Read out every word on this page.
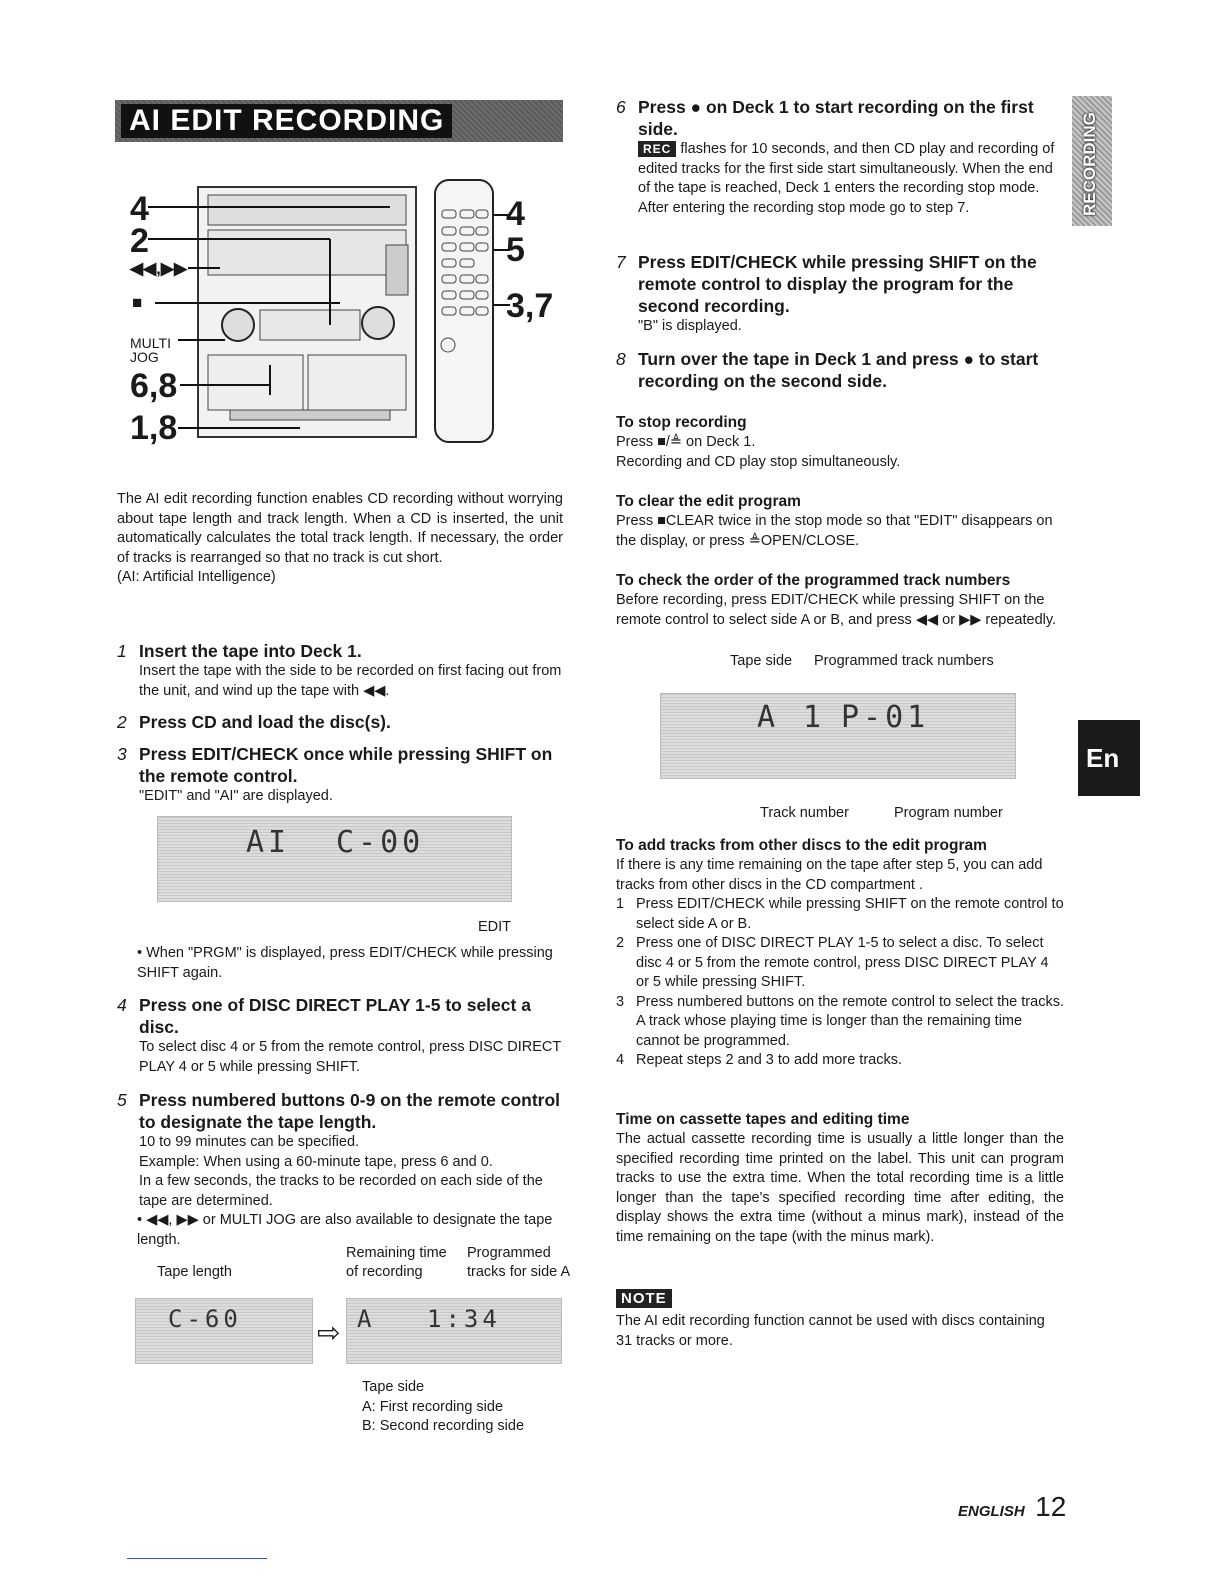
AI EDIT RECORDING	RECORDING
En
4
2
◀◀,▶▶
■
MULTI
JOG
6,8
1,8
4
5
3,7
The AI edit recording function enables CD recording without worrying about tape length and track length. When a CD is inserted, the unit automatically calculates the total track length. If necessary, the order of tracks is rearranged so that no track is cut short.
(AI: Artificial Intelligence)
1 Insert the tape into Deck 1.
Insert the tape with the side to be recorded on first facing out from the unit, and wind up the tape with ◀◀.
2 Press CD and load the disc(s).
3 Press EDIT/CHECK once while pressing SHIFT on the remote control.
"EDIT" and "AI" are displayed.
AI C-00
EDIT
• When "PRGM" is displayed, press EDIT/CHECK while pressing SHIFT again.
4 Press one of DISC DIRECT PLAY 1-5 to select a disc.
To select disc 4 or 5 from the remote control, press DISC DIRECT PLAY 4 or 5 while pressing SHIFT.
5 Press numbered buttons 0-9 on the remote control to designate the tape length.
10 to 99 minutes can be specified.
Example: When using a 60-minute tape, press 6 and 0.
In a few seconds, the tracks to be recorded on each side of the tape are determined.
• ◀◀, ▶▶ or MULTI JOG are also available to designate the tape length.
Tape length
Remaining time
of recording
Programmed
tracks for side A
C-60	⇨ A 1:34
Tape side
A: First recording side
B: Second recording side
6 Press ● on Deck 1 to start recording on the first side.
REC flashes for 10 seconds, and then CD play and recording of edited tracks for the first side start simultaneously. When the end of the tape is reached, Deck 1 enters the recording stop mode. After entering the recording stop mode go to step 7.
7 Press EDIT/CHECK while pressing SHIFT on the remote control to display the program for the second recording.
"B" is displayed.
8 Turn over the tape in Deck 1 and press ● to start recording on the second side.
To stop recording
Press ■/≜ on Deck 1.
Recording and CD play stop simultaneously.
To clear the edit program
Press ■CLEAR twice in the stop mode so that "EDIT" disappears on the display, or press ≜OPEN/CLOSE.
To check the order of the programmed track numbers
Before recording, press EDIT/CHECK while pressing SHIFT on the remote control to select side A or B, and press ◀◀ or ▶▶ repeatedly.
Tape side Programmed track numbers
A 1 P-01
Track number	Program number
To add tracks from other discs to the edit program
If there is any time remaining on the tape after step 5, you can add tracks from other discs in the CD compartment .
1 Press EDIT/CHECK while pressing SHIFT on the remote control to select side A or B.
2 Press one of DISC DIRECT PLAY 1-5 to select a disc. To select disc 4 or 5 from the remote control, press DISC DIRECT PLAY 4 or 5 while pressing SHIFT.
3 Press numbered buttons on the remote control to select the tracks. A track whose playing time is longer than the remaining time cannot be programmed.
4 Repeat steps 2 and 3 to add more tracks.
Time on cassette tapes and editing time
The actual cassette recording time is usually a little longer than the specified recording time printed on the label. This unit can program tracks to use the extra time. When the total recording time is a little longer than the tape's specified recording time after editing, the display shows the extra time (without a minus mark), instead of the time remaining on the tape (with the minus mark).
NOTE
The AI edit recording function cannot be used with discs containing 31 tracks or more.
ENGLISH 12
